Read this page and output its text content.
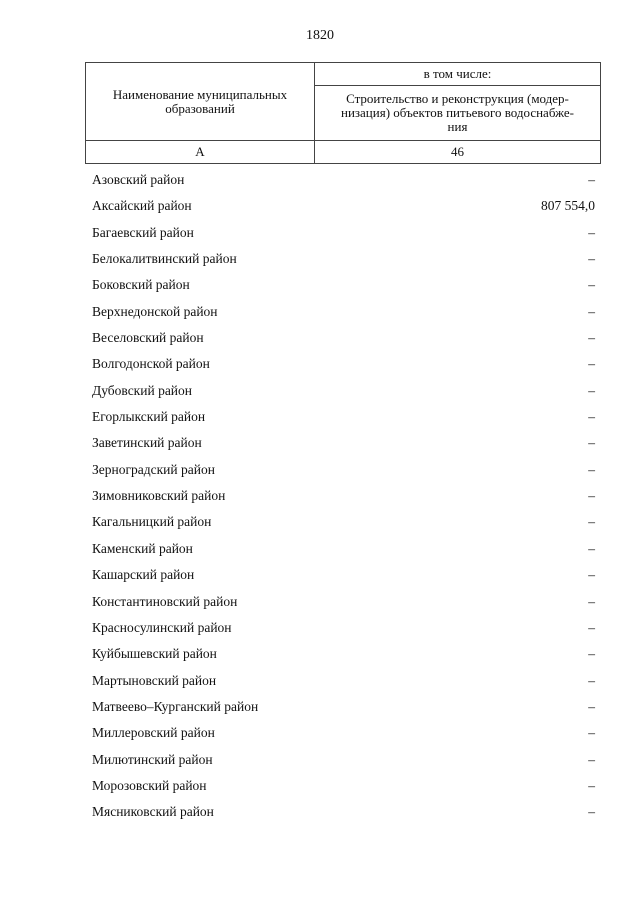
1820
Наименование муниципальных образований	в том числе:

	Строительство и реконструкция (модер-
низация) объектов питьевого водоснабже-
ния

А	46
Азовский район	–
Аксайский район	807 554,0
Багаевский район	–
Белокалитвинский район	–
Боковский район	–
Верхнедонской район	–
Веселовский район	–
Волгодонской район	–
Дубовский район	–
Егорлыкский район	–
Заветинский район	–
Зерноградский район	–
Зимовниковский район	–
Кагальницкий район	–
Каменский район	–
Кашарский район	–
Константиновский район	–
Красносулинский район	–
Куйбышевский район	–
Мартыновский район	–
Матвеево–Курганский район	–
Миллеровский район	–
Милютинский район	–
Морозовский район	–
Мясниковский район	–
